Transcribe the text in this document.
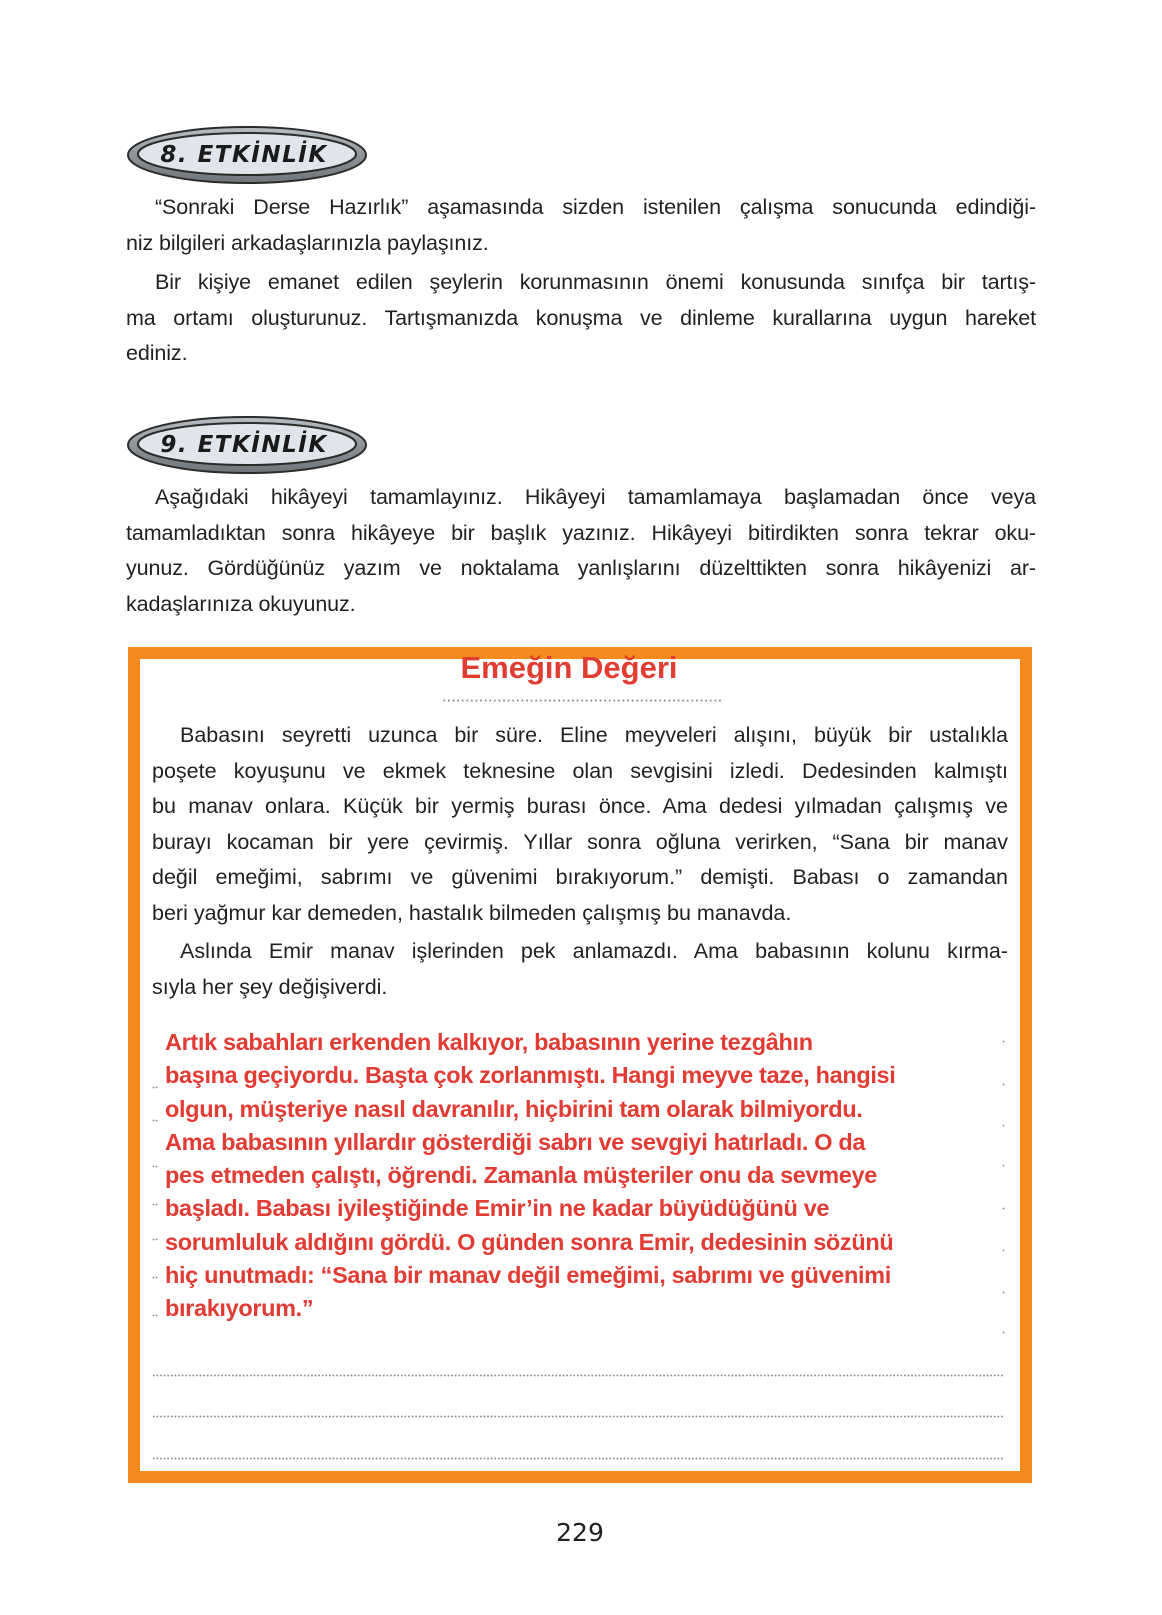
8. ETKİNLİK
“Sonraki Derse Hazırlık” aşamasında sizden istenilen çalışma sonucunda edindiği-
niz bilgileri arkadaşlarınızla paylaşınız.
Bir kişiye emanet edilen şeylerin korunmasının önemi konusunda sınıfça bir tartış-
ma ortamı oluşturunuz. Tartışmanızda konuşma ve dinleme kurallarına uygun hareket
ediniz.
9. ETKİNLİK
Aşağıdaki hikâyeyi tamamlayınız. Hikâyeyi tamamlamaya başlamadan önce veya
tamamladıktan sonra hikâyeye bir başlık yazınız. Hikâyeyi bitirdikten sonra tekrar oku-
yunuz. Gördüğünüz yazım ve noktalama yanlışlarını düzelttikten sonra hikâyenizi ar-
kadaşlarınıza okuyunuz.
Emeğin Değeri
Babasını seyretti uzunca bir süre. Eline meyveleri alışını, büyük bir ustalıkla
poşete koyuşunu ve ekmek teknesine olan sevgisini izledi. Dedesinden kalmıştı
bu manav onlara. Küçük bir yermiş burası önce. Ama dedesi yılmadan çalışmış ve
burayı kocaman bir yere çevirmiş. Yıllar sonra oğluna verirken, “Sana bir manav
değil emeğimi, sabrımı ve güvenimi bırakıyorum.” demişti. Babası o zamandan
beri yağmur kar demeden, hastalık bilmeden çalışmış bu manavda.
Aslında Emir manav işlerinden pek anlamazdı. Ama babasının kolunu kırma-
sıyla her şey değişiverdi.
Artık sabahları erkenden kalkıyor, babasının yerine tezgâhın
başına geçiyordu. Başta çok zorlanmıştı. Hangi meyve taze, hangisi
olgun, müşteriye nasıl davranılır, hiçbirini tam olarak bilmiyordu.
Ama babasının yıllardır gösterdiği sabrı ve sevgiyi hatırladı. O da
pes etmeden çalıştı, öğrendi. Zamanla müşteriler onu da sevmeye
başladı. Babası iyileştiğinde Emir’in ne kadar büyüdüğünü ve
sorumluluk aldığını gördü. O günden sonra Emir, dedesinin sözünü
hiç unutmadı: “Sana bir manav değil emeğimi, sabrımı ve güvenimi
bırakıyorum.”
229
